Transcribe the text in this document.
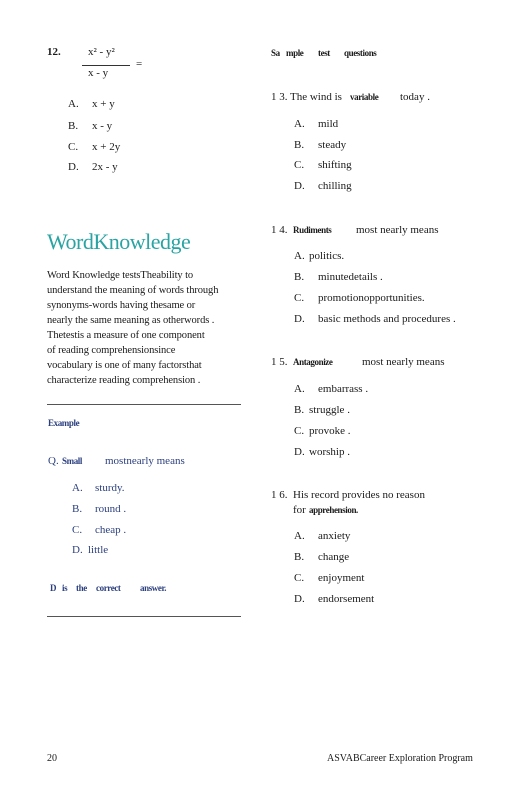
12. x² - y²
=
x - y
A. x + y
B. x - y
C. x + 2y
D. 2x - y
WordKnowledge
Word Knowledge testsTheability to
understand the meaning of words through
synonyms-words having thesame or
nearly the same meaning as otherwords .
Thetestis a measure of one component
of reading comprehensionsince
vocabulary is one of many factorsthat
characterize reading comprehension .
Example
Q. Small mostnearly means
A. sturdy.
B. round .
C. cheap .
D. little
D is the correct answer.
Sa mple test questions
1 3. The wind is variable today .
A. mild
B. steady
C. shifting
D. chilling
1 4. Rudiments most nearly means
A. politics.
B. minutedetails .
C. promotionopportunities.
D. basic methods and procedures .
1 5. Antagonize	most nearly means
A. embarrass .
B. struggle .
C. provoke .
D. worship .
1 6. His record provides no reason
for apprehension.
A. anxiety
B. change
C. enjoyment
D. endorsement
20	ASVABCareer Exploration Program
